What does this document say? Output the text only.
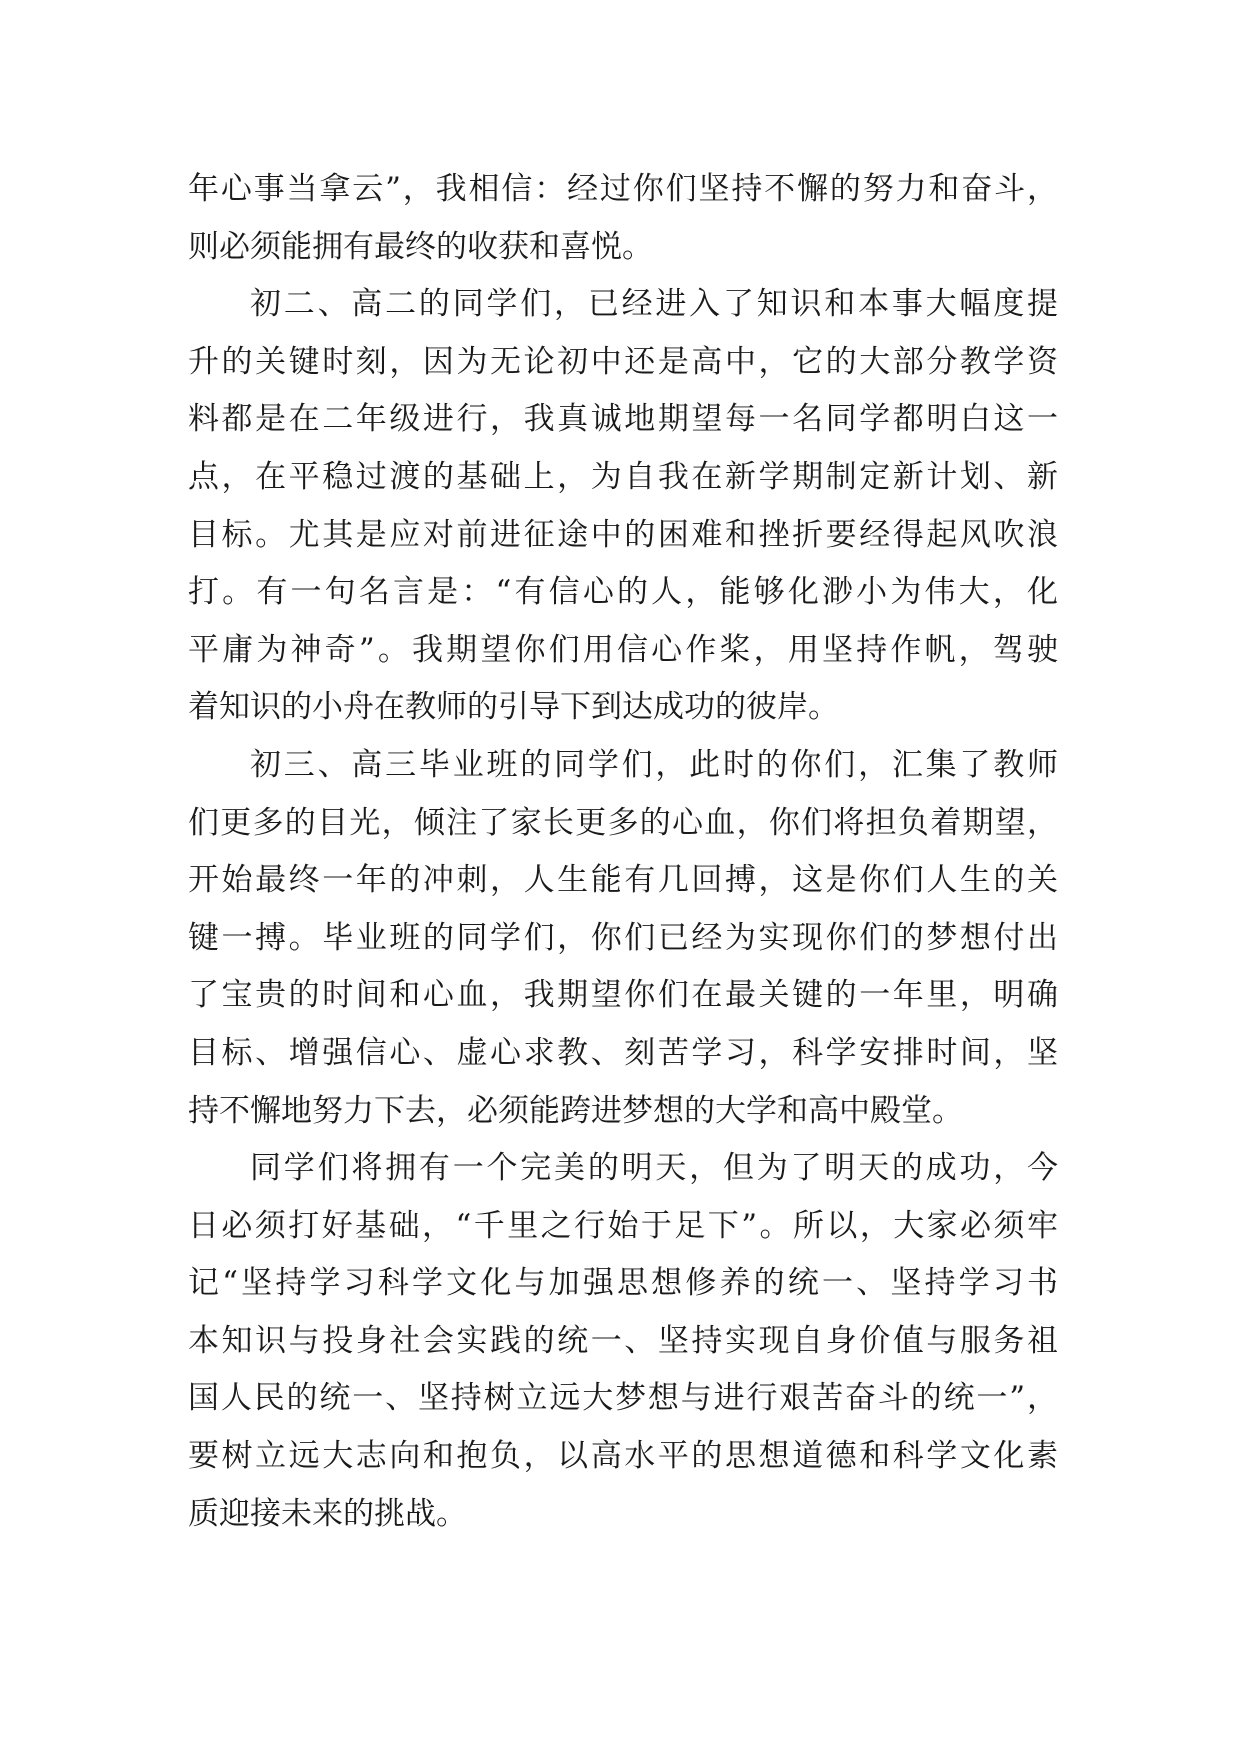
年心事当拿云”，我相信：经过你们坚持不懈的努力和奋斗，
则必须能拥有最终的收获和喜悦。
初二、高二的同学们，已经进入了知识和本事大幅度提
升的关键时刻，因为无论初中还是高中，它的大部分教学资
料都是在二年级进行，我真诚地期望每一名同学都明白这一
点，在平稳过渡的基础上，为自我在新学期制定新计划、新
目标。尤其是应对前进征途中的困难和挫折要经得起风吹浪
打。有一句名言是：“有信心的人，能够化渺小为伟大，化
平庸为神奇”。我期望你们用信心作桨，用坚持作帆，驾驶
着知识的小舟在教师的引导下到达成功的彼岸。
初三、高三毕业班的同学们，此时的你们，汇集了教师
们更多的目光，倾注了家长更多的心血，你们将担负着期望，
开始最终一年的冲刺，人生能有几回搏，这是你们人生的关
键一搏。毕业班的同学们，你们已经为实现你们的梦想付出
了宝贵的时间和心血，我期望你们在最关键的一年里，明确
目标、增强信心、虚心求教、刻苦学习，科学安排时间，坚
持不懈地努力下去，必须能跨进梦想的大学和高中殿堂。
同学们将拥有一个完美的明天，但为了明天的成功，今
日必须打好基础，“千里之行始于足下”。所以，大家必须牢
记“坚持学习科学文化与加强思想修养的统一、坚持学习书
本知识与投身社会实践的统一、坚持实现自身价值与服务祖
国人民的统一、坚持树立远大梦想与进行艰苦奋斗的统一”，
要树立远大志向和抱负，以高水平的思想道德和科学文化素
质迎接未来的挑战。
